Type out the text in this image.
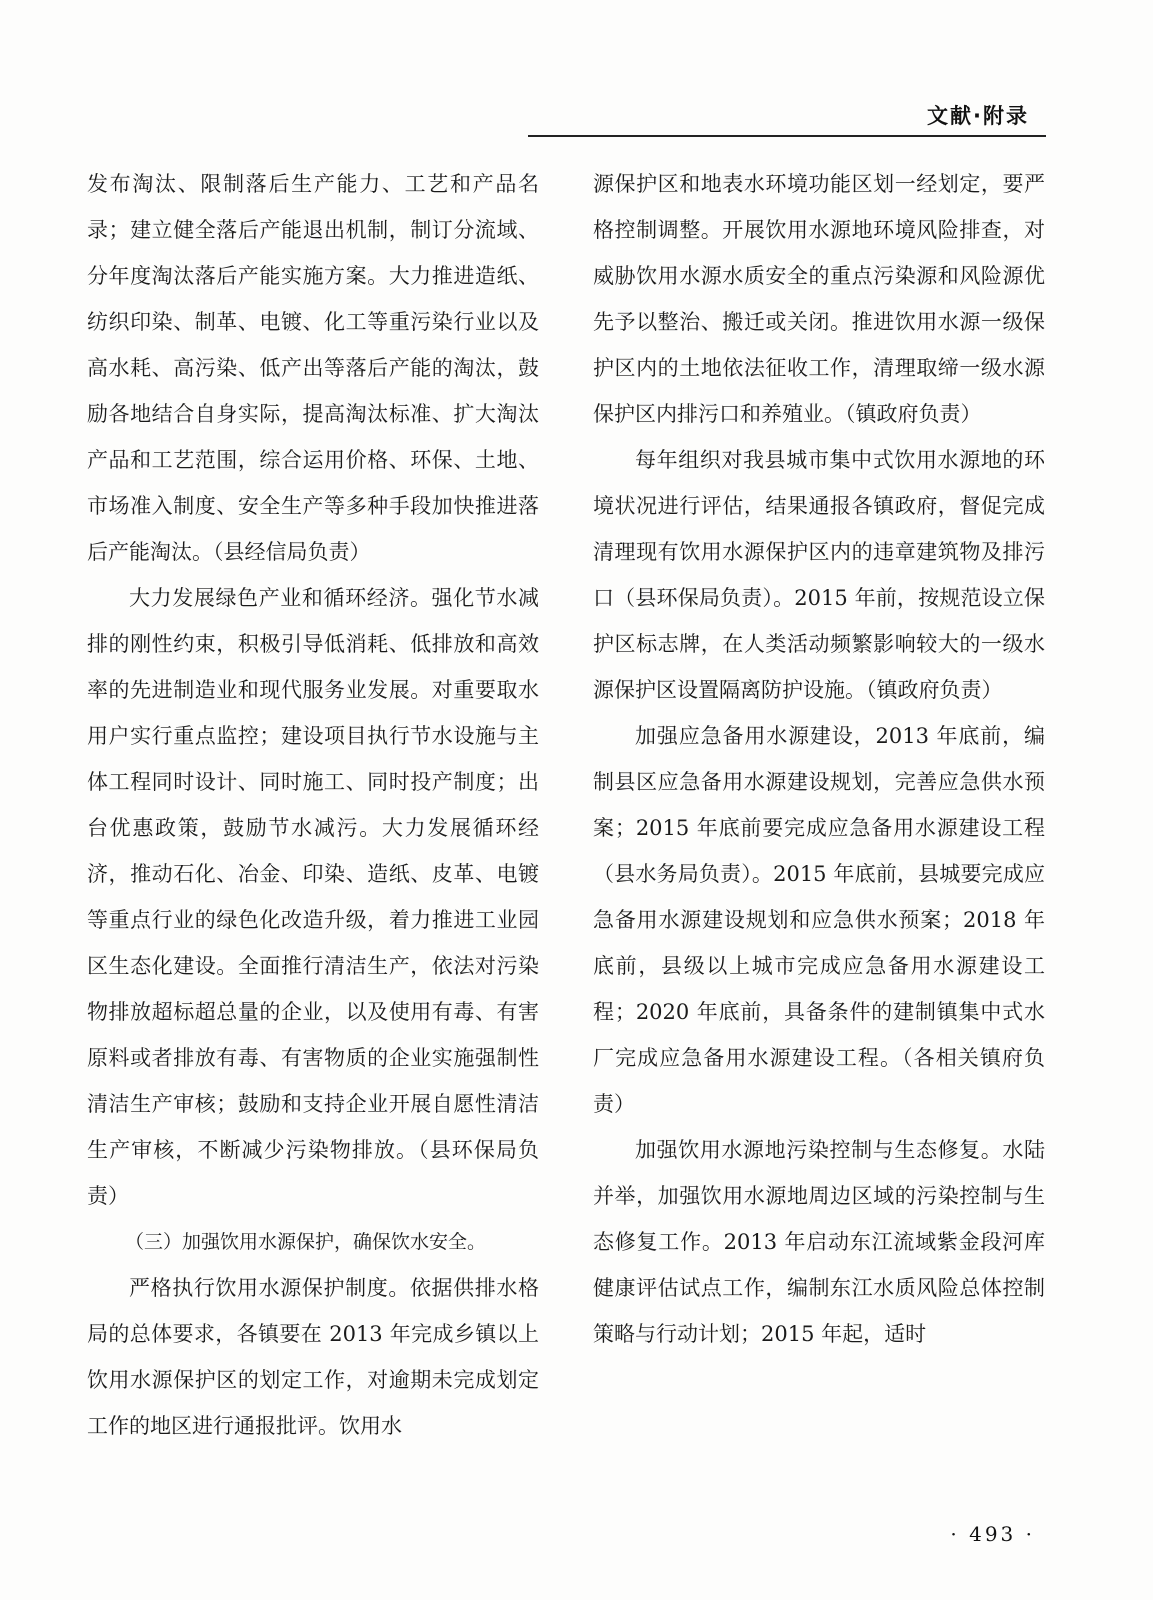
文献·附录

发布淘汰、限制落后生产能力、工艺和产品名录；建立健全落后产能退出机制，制订分流域、分年度淘汰落后产能实施方案。大力推进造纸、纺织印染、制革、电镀、化工等重污染行业以及高水耗、高污染、低产出等落后产能的淘汰，鼓励各地结合自身实际，提高淘汰标准、扩大淘汰产品和工艺范围，综合运用价格、环保、土地、市场准入制度、安全生产等多种手段加快推进落后产能淘汰。（县经信局负责）

大力发展绿色产业和循环经济。强化节水减排的刚性约束，积极引导低消耗、低排放和高效率的先进制造业和现代服务业发展。对重要取水用户实行重点监控；建设项目执行节水设施与主体工程同时设计、同时施工、同时投产制度；出台优惠政策，鼓励节水减污。大力发展循环经济，推动石化、冶金、印染、造纸、皮革、电镀等重点行业的绿色化改造升级，着力推进工业园区生态化建设。全面推行清洁生产，依法对污染物排放超标超总量的企业，以及使用有毒、有害原料或者排放有毒、有害物质的企业实施强制性清洁生产审核；鼓励和支持企业开展自愿性清洁生产审核，不断减少污染物排放。（县环保局负责）

（三）加强饮用水源保护，确保饮水安全。

严格执行饮用水源保护制度。依据供排水格局的总体要求，各镇要在 2013 年完成乡镇以上饮用水源保护区的划定工作，对逾期未完成划定工作的地区进行通报批评。饮用水

源保护区和地表水环境功能区划一经划定，要严格控制调整。开展饮用水源地环境风险排查，对威胁饮用水源水质安全的重点污染源和风险源优先予以整治、搬迁或关闭。推进饮用水源一级保护区内的土地依法征收工作，清理取缔一级水源保护区内排污口和养殖业。（镇政府负责）

每年组织对我县城市集中式饮用水源地的环境状况进行评估，结果通报各镇政府，督促完成清理现有饮用水源保护区内的违章建筑物及排污口（县环保局负责）。2015 年前，按规范设立保护区标志牌，在人类活动频繁影响较大的一级水源保护区设置隔离防护设施。（镇政府负责）

加强应急备用水源建设，2013 年底前，编制县区应急备用水源建设规划，完善应急供水预案；2015 年底前要完成应急备用水源建设工程（县水务局负责）。2015 年底前，县城要完成应急备用水源建设规划和应急供水预案；2018 年底前，县级以上城市完成应急备用水源建设工程；2020 年底前，具备条件的建制镇集中式水厂完成应急备用水源建设工程。（各相关镇府负责）

加强饮用水源地污染控制与生态修复。水陆并举，加强饮用水源地周边区域的污染控制与生态修复工作。2013 年启动东江流域紫金段河库健康评估试点工作，编制东江水质风险总体控制策略与行动计划；2015 年起，适时

· 493 ·
